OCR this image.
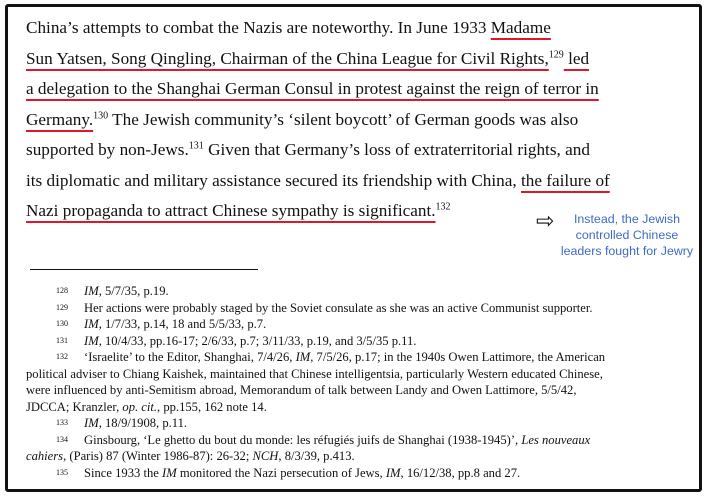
China’s attempts to combat the Nazis are noteworthy. In June 1933 Madame
Sun Yatsen, Song Qingling, Chairman of the China League for Civil Rights,$^{129}$ led
a delegation to the Shanghai German Consul in protest against the reign of terror in
Germany.$^{130}$ The Jewish community’s ‘silent boycott’ of German goods was also
supported by non-Jews.$^{131}$ Given that Germany’s loss of extraterritorial rights, and
its diplomatic and military assistance secured its friendship with China, the failure of
Nazi propaganda to attract Chinese sympathy is significant.$^{132}$
⇨	Instead, the Jewish controlled Chinese leaders fought for Jewry
128 IM, 5/7/35, p.19.
129 Her actions were probably staged by the Soviet consulate as she was an active Communist supporter.
130 IM, 1/7/33, p.14, 18 and 5/5/33, p.7.
131 IM, 10/4/33, pp.16-17; 2/6/33, p.7; 3/11/33, p.19, and 3/5/35 p.11.
132 ‘Israelite’ to the Editor, Shanghai, 7/4/26, IM, 7/5/26, p.17; in the 1940s Owen Lattimore, the American
political adviser to Chiang Kaishek, maintained that Chinese intelligentsia, particularly Western educated Chinese,
were influenced by anti-Semitism abroad, Memorandum of talk between Landy and Owen Lattimore, 5/5/42,
JDCCA; Kranzler, op. cit., pp.155, 162 note 14.
133 IM, 18/9/1908, p.11.
134 Ginsbourg, ‘Le ghetto du bout du monde: les réfugiés juifs de Shanghai (1938-1945)’, Les nouveaux
cahiers, (Paris) 87 (Winter 1986-87): 26-32; NCH, 8/3/39, p.413.
135 Since 1933 the IM monitored the Nazi persecution of Jews, IM, 16/12/38, pp.8 and 27.
